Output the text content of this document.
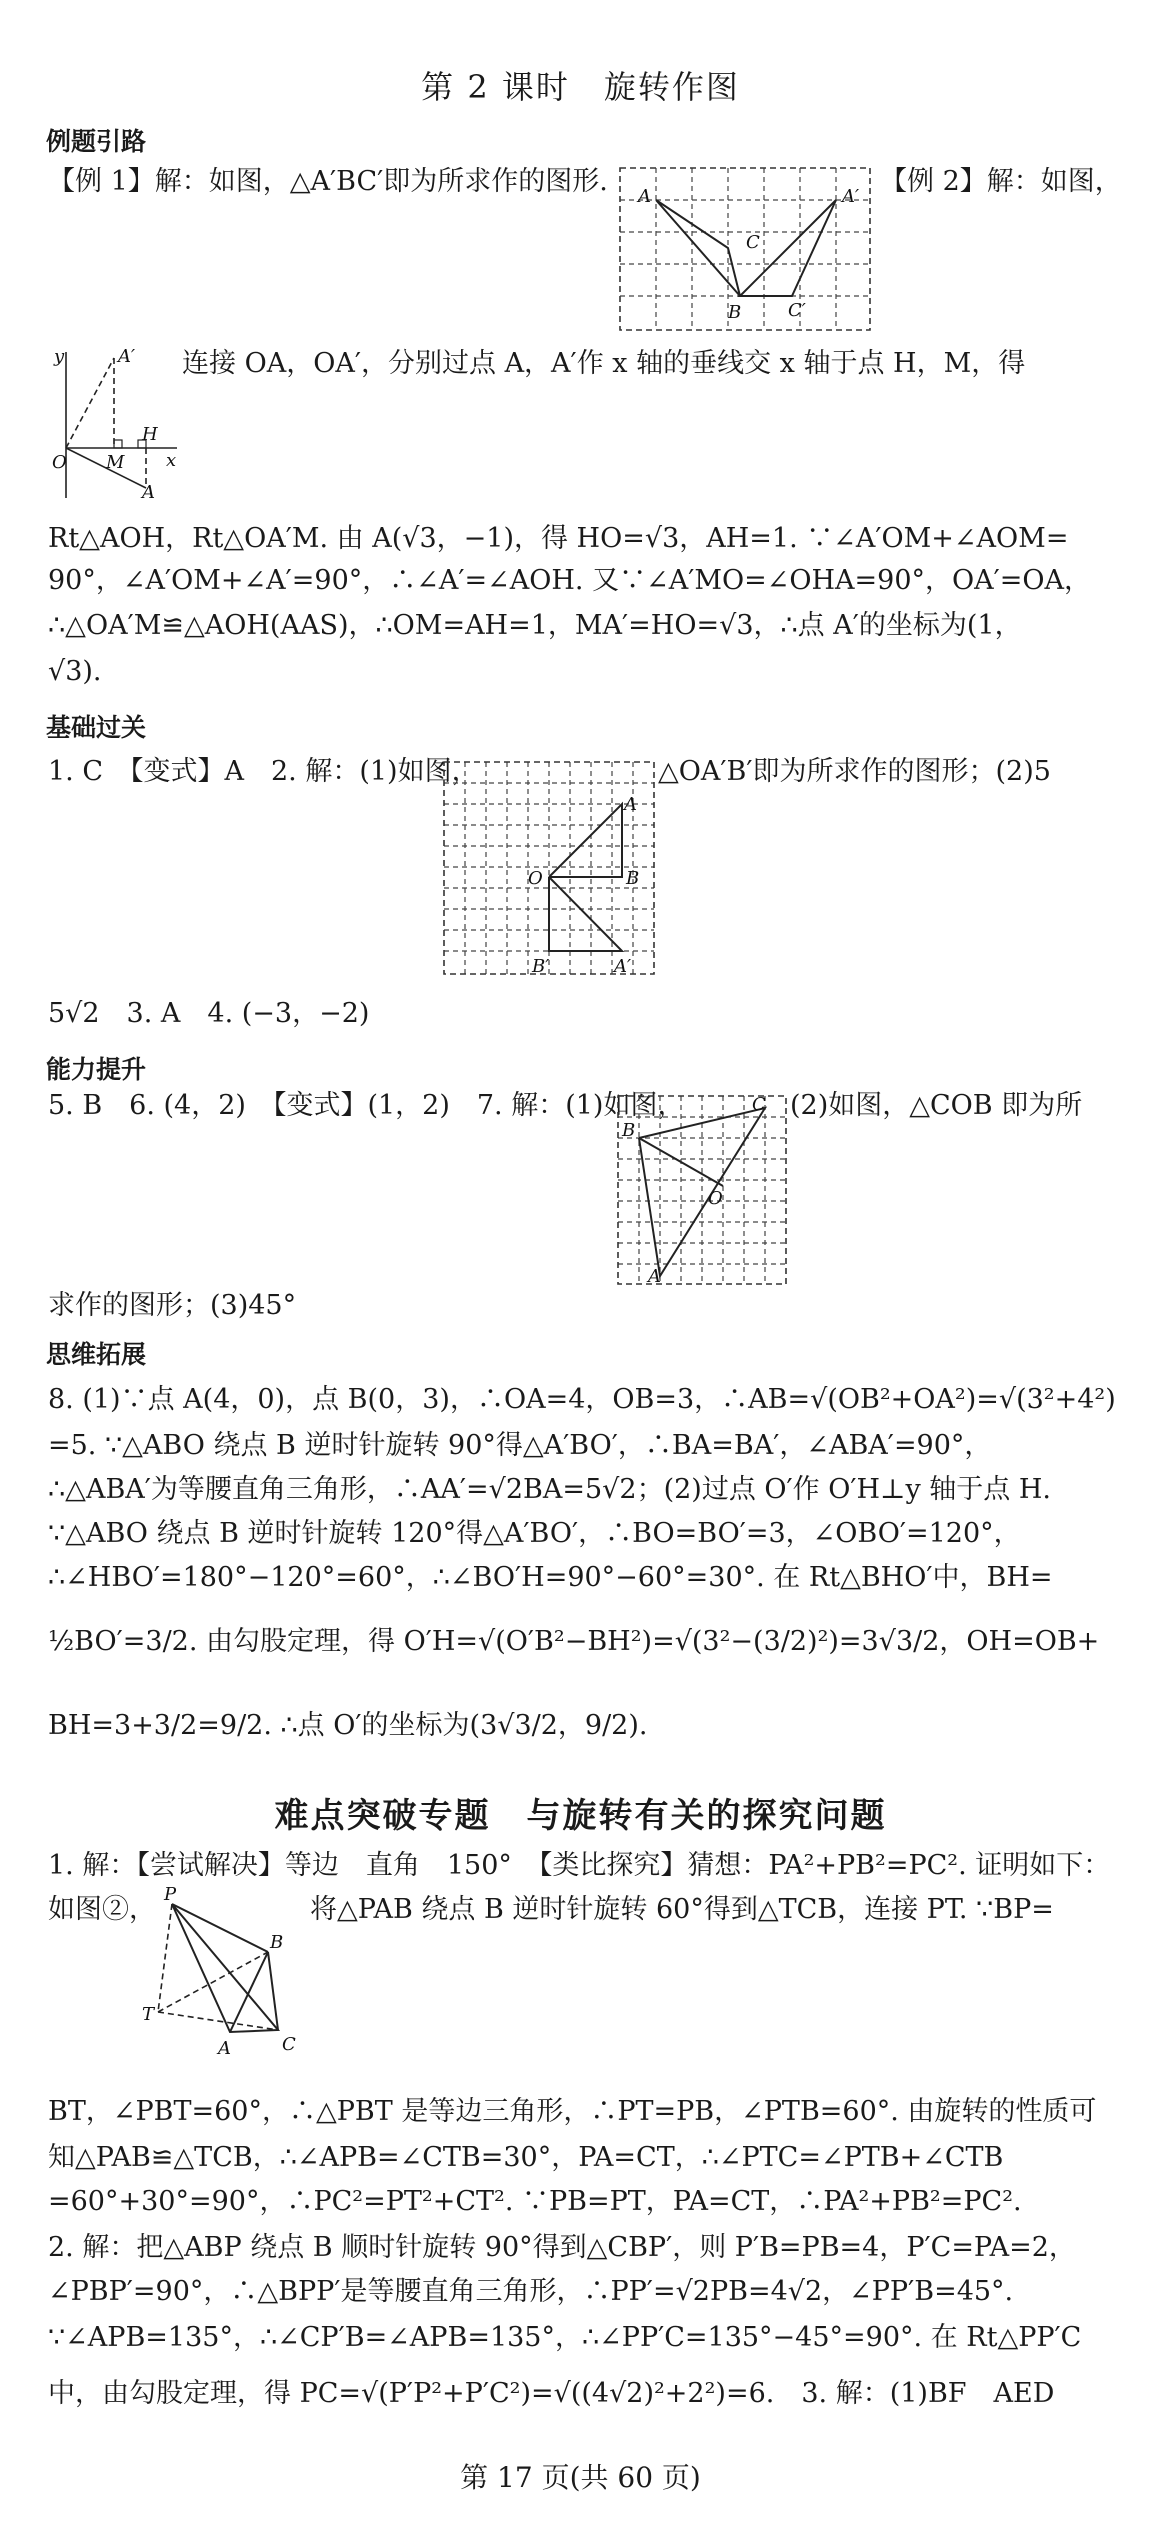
第 2 课时　旋转作图
例题引路
【例 1】解：如图，△A′BC′即为所求作的图形.	【例 2】解：如图，
A	A′
C
B	C′
y	A′
O M
H
x
A
连接 OA，OA′，分别过点 A，A′作 x 轴的垂线交 x 轴于点 H，M，得
Rt△AOH，Rt△OA′M. 由 A(√3，−1)，得 HO=√3，AH=1. ∵∠A′OM+∠AOM=
90°，∠A′OM+∠A′=90°，∴∠A′=∠AOH. 又∵∠A′MO=∠OHA=90°，OA′=OA，
∴△OA′M≌△AOH(AAS)，∴OM=AH=1，MA′=HO=√3，∴点 A′的坐标为(1，
√3).
基础过关
1. C　【变式】A　2. 解：(1)如图，	△OA′B′即为所求作的图形；(2)5
A
O	B
B′	A′
5√2　3. A　4. (−3，−2)
能力提升
5. B　6. (4，2)　【变式】(1，2)　7. 解：(1)如图，	(2)如图，△COB 即为所
B
C
O
A
求作的图形；(3)45°
思维拓展
8. (1)∵点 A(4，0)，点 B(0，3)，∴OA=4，OB=3，∴AB=√(OB²+OA²)=√(3²+4²)
=5. ∵△ABO 绕点 B 逆时针旋转 90°得△A′BO′，∴BA=BA′，∠ABA′=90°，
∴△ABA′为等腰直角三角形，∴AA′=√2BA=5√2；(2)过点 O′作 O′H⊥y 轴于点 H.
∵△ABO 绕点 B 逆时针旋转 120°得△A′BO′，∴BO=BO′=3，∠OBO′=120°，
∴∠HBO′=180°−120°=60°，∴∠BO′H=90°−60°=30°. 在 Rt△BHO′中，BH=
½BO′=3/2. 由勾股定理，得 O′H=√(O′B²−BH²)=√(3²−(3/2)²)=3√3/2，OH=OB+
BH=3+3/2=9/2. ∴点 O′的坐标为(3√3/2，9/2).
难点突破专题　与旋转有关的探究问题
1. 解：【尝试解决】等边　直角　150°　【类比探究】猜想：PA²+PB²=PC². 证明如下：
如图②，	将△PAB 绕点 B 逆时针旋转 60°得到△TCB，连接 PT. ∵BP=
P
B
T
A	C
BT，∠PBT=60°，∴△PBT 是等边三角形，∴PT=PB，∠PTB=60°. 由旋转的性质可
知△PAB≌△TCB，∴∠APB=∠CTB=30°，PA=CT，∴∠PTC=∠PTB+∠CTB
=60°+30°=90°，∴PC²=PT²+CT². ∵PB=PT，PA=CT，∴PA²+PB²=PC².
2. 解：把△ABP 绕点 B 顺时针旋转 90°得到△CBP′，则 P′B=PB=4，P′C=PA=2，
∠PBP′=90°，∴△BPP′是等腰直角三角形，∴PP′=√2PB=4√2，∠PP′B=45°.
∵∠APB=135°，∴∠CP′B=∠APB=135°，∴∠PP′C=135°−45°=90°. 在 Rt△PP′C
中，由勾股定理，得 PC=√(P′P²+P′C²)=√((4√2)²+2²)=6.　3. 解：(1)BF　AED
第 17 页(共 60 页)
